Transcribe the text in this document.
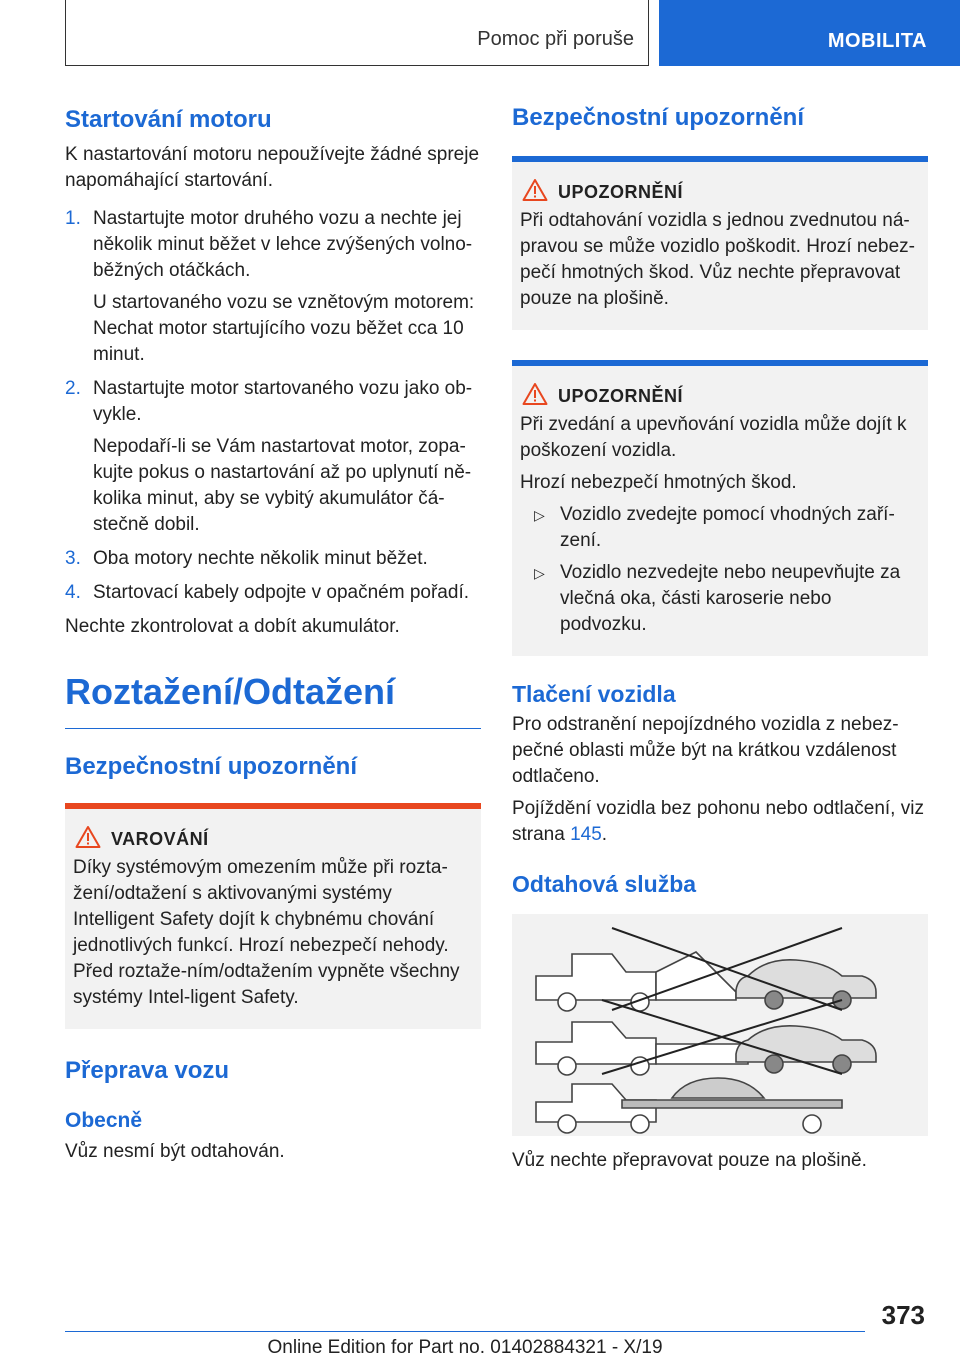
Pomoc při poruše	MOBILITA
Startování motoru

K nastartování motoru nepoužívejte žádné spreje napomáhající startování.

1. Nastartujte motor druhého vozu a nechte jej několik minut běžet v lehce zvýšených volno‐běžných otáčkách.
U startovaného vozu se vznětovým motorem: Nechat motor startujícího vozu běžet cca 10 minut.
2. Nastartujte motor startovaného vozu jako ob‐vykle.
Nepodaří-li se Vám nastartovat motor, zopa‐kujte pokus o nastartování až po uplynutí ně‐kolika minut, aby se vybitý akumulátor čá‐stečně dobil.
3. Oba motory nechte několik minut běžet.
4. Startovací kabely odpojte v opačném pořadí.

Nechte zkontrolovat a dobít akumulátor.

Roztažení/Odtažení
Bezpečnostní upozornění
VAROVÁNÍ

Díky systémovým omezením může při rozta‐žení/odtažení s aktivovanými systémy Intelligent Safety dojít k chybnému chování jednotlivých funkcí. Hrozí nebezpečí nehody. Před roztaže‐ním/odtažením vypněte všechny systémy Intel‐ligent Safety.

Přeprava vozu
Obecně

Vůz nesmí být odtahován.

Bezpečnostní upozornění
UPOZORNĚNÍ

Při odtahování vozidla s jednou zvednutou ná‐pravou se může vozidlo poškodit. Hrozí nebez‐pečí hmotných škod. Vůz nechte přepravovat pouze na plošině.

UPOZORNĚNÍ

Při zvedání a upevňování vozidla může dojít k poškození vozidla.

Hrozí nebezpečí hmotných škod.

▷ Vozidlo zvedejte pomocí vhodných zaří‐zení.
▷ Vozidlo nezvedejte nebo neupevňujte za vlečná oka, části karoserie nebo podvozku.
Tlačení vozidla

Pro odstranění nepojízdného vozidla z nebez‐pečné oblasti může být na krátkou vzdálenost odtlačeno.

Pojíždění vozidla bez pohonu nebo odtlačení, viz strana 145.

Odtahová služba

Vůz nechte přepravovat pouze na plošině.

373
Online Edition for Part no. 01402884321 - X/19
